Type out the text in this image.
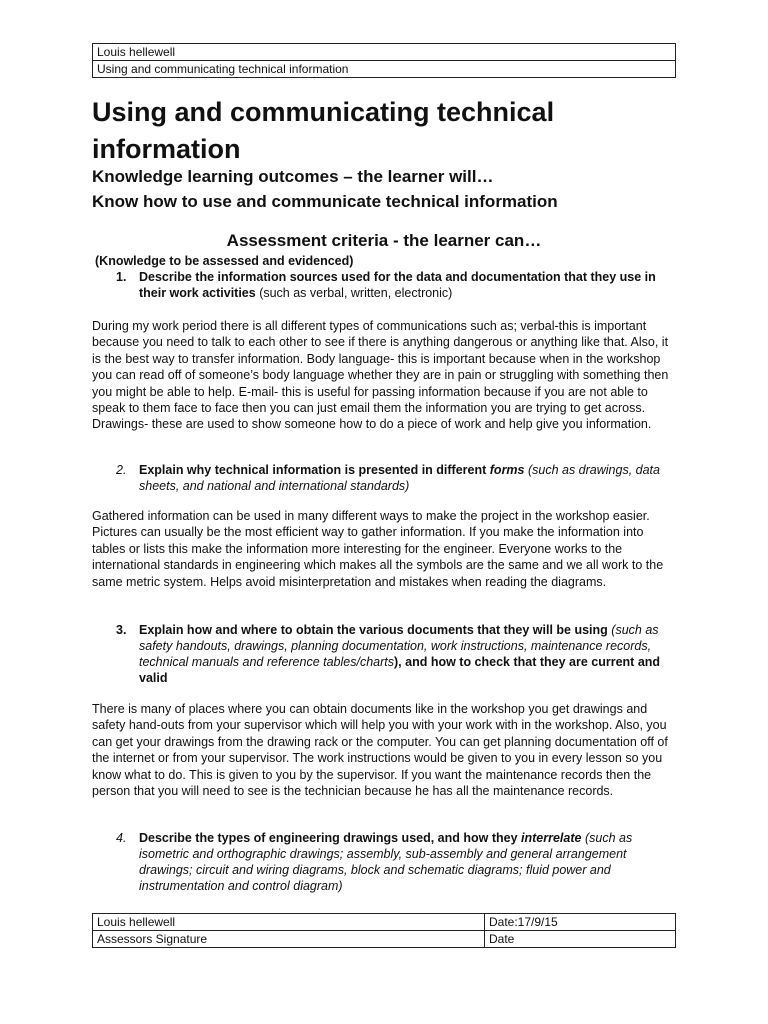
Louis hellewell
Using and communicating technical information
Using and communicating technical information
Knowledge learning outcomes – the learner will…
Know how to use and communicate technical information
Assessment criteria - the learner can…
(Knowledge to be assessed and evidenced)
1.	Describe the information sources used for the data and documentation that they use in their work activities (such as verbal, written, electronic)

During my work period there is all different types of communications such as; verbal-this is important because you need to talk to each other to see if there is anything dangerous or anything like that. Also, it is the best way to transfer information. Body language- this is important because when in the workshop you can read off of someone’s body language whether they are in pain or struggling with something then you might be able to help. E-mail- this is useful for passing information because if you are not able to speak to them face to face then you can just email them the information you are trying to get across. Drawings- these are used to show someone how to do a piece of work and help give you information.

2.	Explain why technical information is presented in different forms (such as drawings, data sheets, and national and international standards)

Gathered information can be used in many different ways to make the project in the workshop easier. Pictures can usually be the most efficient way to gather information. If you make the information into tables or lists this make the information more interesting for the engineer. Everyone works to the international standards in engineering which makes all the symbols are the same and we all work to the same metric system. Helps avoid misinterpretation and mistakes when reading the diagrams.

3.	Explain how and where to obtain the various documents that they will be using (such as safety handouts, drawings, planning documentation, work instructions, maintenance records, technical manuals and reference tables/charts), and how to check that they are current and valid

There is many of places where you can obtain documents like in the workshop you get drawings and safety hand-outs from your supervisor which will help you with your work with in the workshop. Also, you can get your drawings from the drawing rack or the computer. You can get planning documentation off of the internet or from your supervisor. The work instructions would be given to you in every lesson so you know what to do. This is given to you by the supervisor. If you want the maintenance records then the person that you will need to see is the technician because he has all the maintenance records.

4.	Describe the types of engineering drawings used, and how they interrelate (such as isometric and orthographic drawings; assembly, sub-assembly and general arrangement drawings; circuit and wiring diagrams, block and schematic diagrams; fluid power and instrumentation and control diagram)
Louis hellewell	Date:17/9/15
Assessors Signature	Date
